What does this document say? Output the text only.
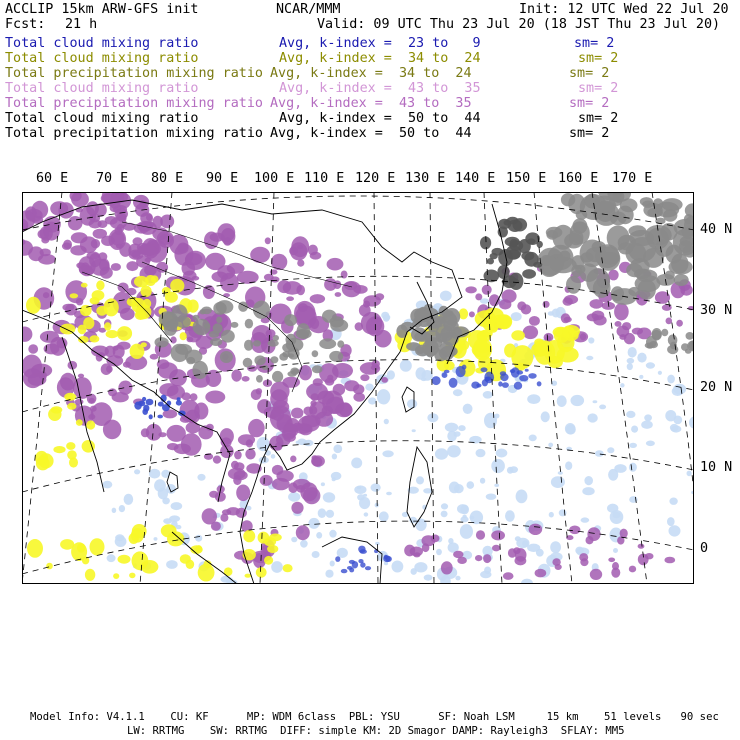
ACCLIP 15km ARW-GFS init	NCAR/MMM	Init: 12 UTC Wed 22 Jul 20
Fcst: 21 h	Valid: 09 UTC Thu 23 Jul 20 (18 JST Thu 23 Jul 20)
Total cloud mixing ratio	Avg, k-index =  23 to   9	sm= 2
Total cloud mixing ratio	Avg, k-index =  34 to  24	sm= 2
Total precipitation mixing ratio Avg, k-index =  34 to  24	sm= 2
Total cloud mixing ratio	Avg, k-index =  43 to  35	sm= 2
Total precipitation mixing ratio Avg, k-index =  43 to  35	sm= 2
Total cloud mixing ratio	Avg, k-index =  50 to  44	sm= 2
Total precipitation mixing ratio Avg, k-index =  50 to  44	sm= 2
60 E 70 E 80 E 90 E 100 E 110 E 120 E 130 E 140 E 150 E 160 E 170 E
40 N
30 N
20 N
10 N
0
Model Info: V4.1.1    CU: KF      MP: WDM 6class  PBL: YSU      SF: Noah LSM     15 km    51 levels   90 sec
LW: RRTMG    SW: RRTMG  DIFF: simple KM: 2D Smagor DAMP: Rayleigh3  SFLAY: MM5
